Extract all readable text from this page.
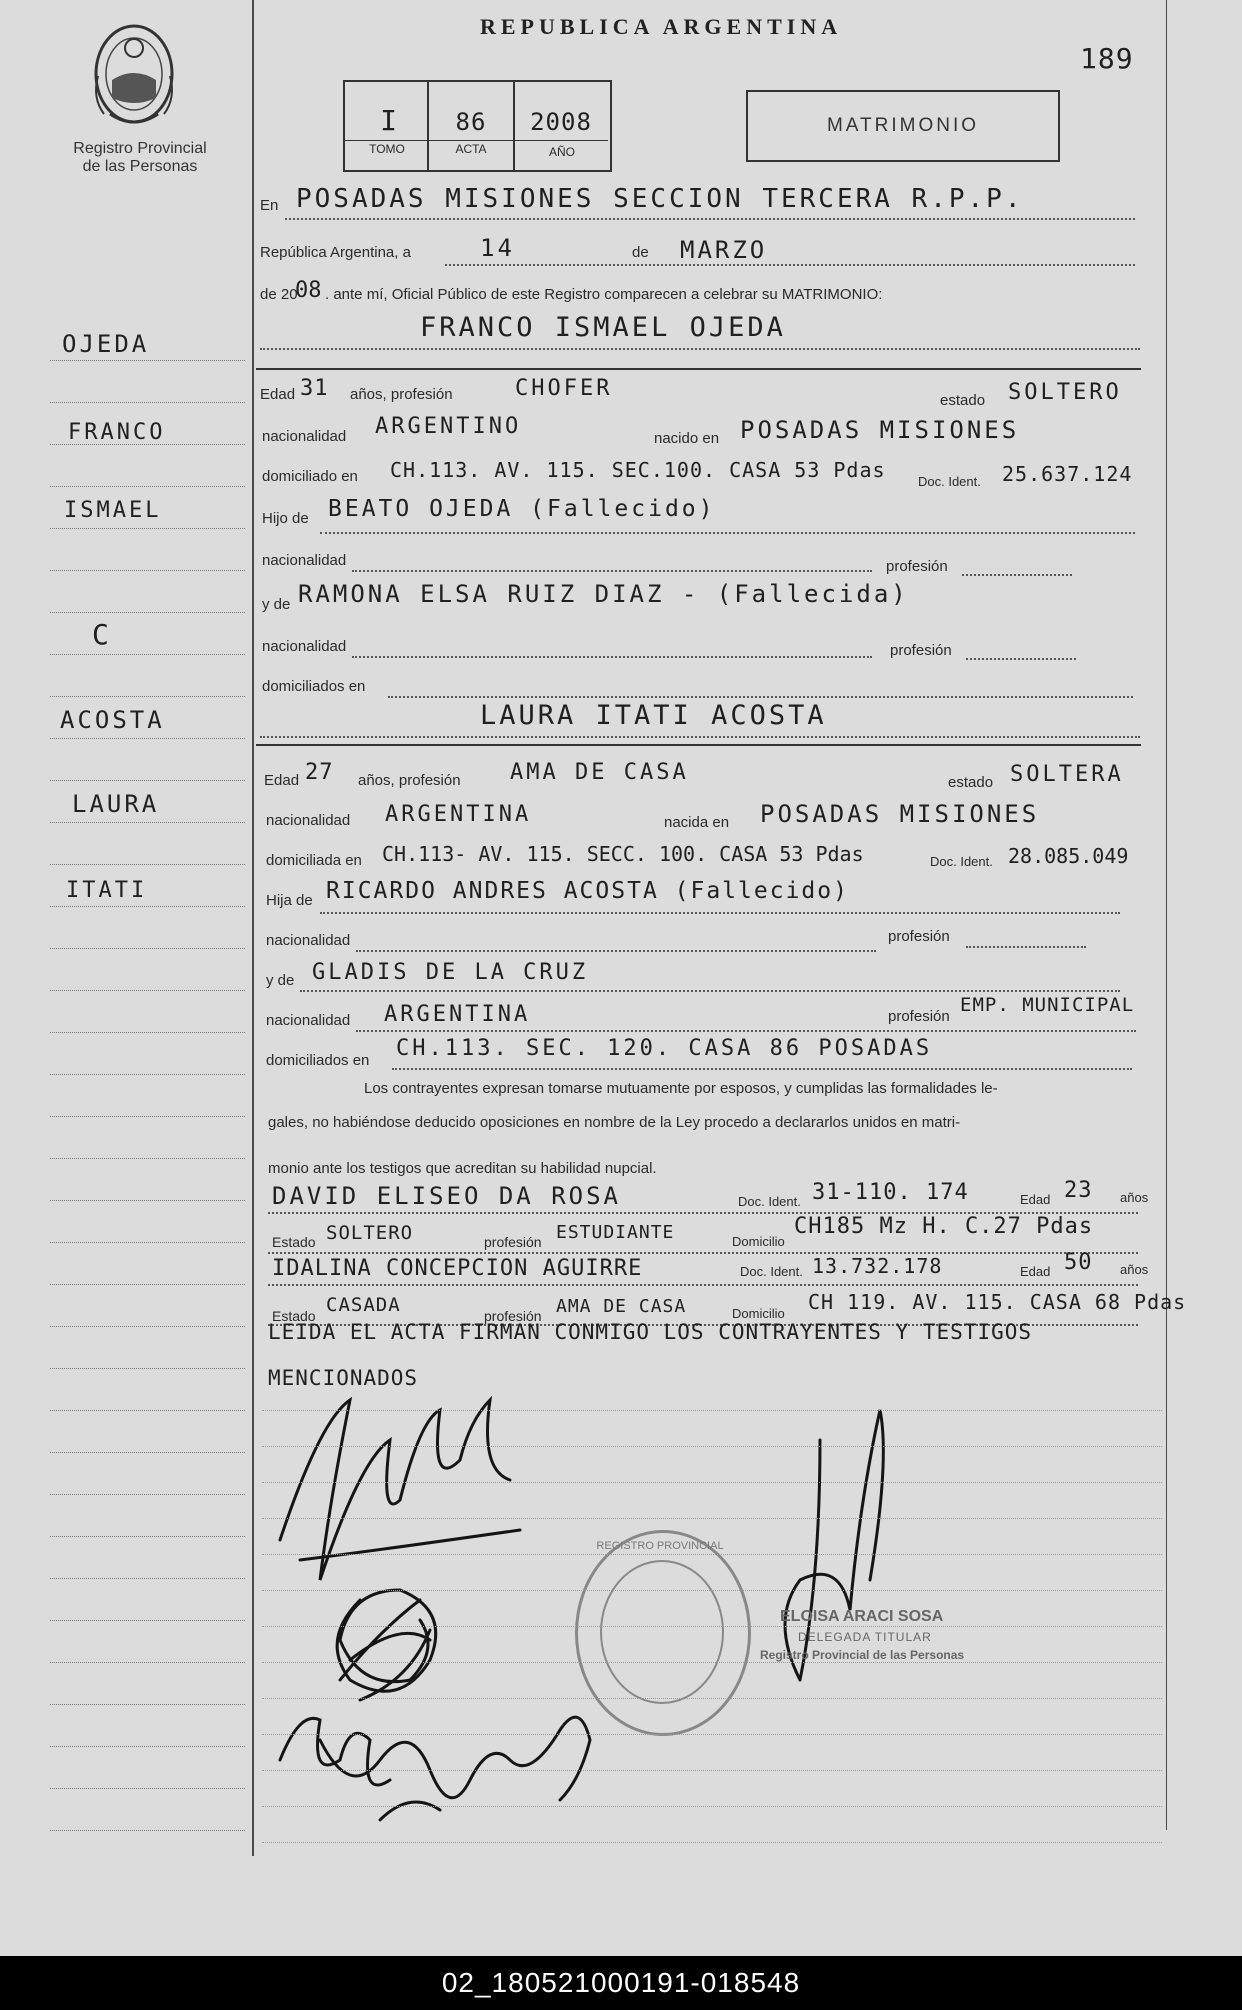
Registro Provincial
de las Personas
REPUBLICA ARGENTINA
189
I	86	2008
TOMO	ACTA	AÑO
MATRIMONIO
En POSADAS MISIONES SECCION TERCERA R.P.P.
República Argentina, a	14	de MARZO
de 20
08 . ante mí, Oficial Público de este Registro comparecen a celebrar su MATRIMONIO:
FRANCO ISMAEL OJEDA
Edad 31 años, profesión	CHOFER	estado SOLTERO
nacionalidad ARGENTINO	nacido en POSADAS MISIONES
domiciliado en CH.113. AV. 115. SEC.100. CASA 53 Pdas Doc. Ident. 25.637.124
Hijo de BEATO OJEDA (Fallecido)
nacionalidad	profesión
y de RAMONA ELSA RUIZ DIAZ - (Fallecida)
nacionalidad	profesión
domiciliados en
LAURA ITATI ACOSTA
Edad 27 años, profesión AMA DE CASA	estado SOLTERA
nacionalidad ARGENTINA	nacida en POSADAS MISIONES
domiciliada en CH.113- AV. 115. SECC. 100. CASA 53 Pdas	Doc. Ident. 28.085.049
Hija de RICARDO ANDRES ACOSTA (Fallecido)
nacionalidad	profesión
y de GLADIS DE LA CRUZ
nacionalidad ARGENTINA	profesión
EMP. MUNICIPAL
domiciliados en CH.113. SEC. 120. CASA 86 POSADAS
Los contrayentes expresan tomarse mutuamente por esposos, y cumplidas las formalidades le-
gales, no habiéndose deducido oposiciones en nombre de la Ley procedo a declararlos unidos en matri-
monio ante los testigos que acreditan su habilidad nupcial.
DAVID ELISEO DA ROSA	Doc. Ident. 31-110. 174	Edad 23 años
Estado SOLTERO	profesión ESTUDIANTE	Domicilio
CH185 Mz H. C.27 Pdas
IDALINA CONCEPCION AGUIRRE	Doc. Ident. 13.732.178	Edad 50 años
Estado CASADA	profesión AMA DE CASA	Domicilio CH 119. AV. 115. CASA 68 Pdas
LEIDA EL ACTA FIRMAN CONMIGO LOS CONTRAYENTES Y TESTIGOS
MENCIONADOS
REGISTRO PROVINCIAL
ELOISA ARACI SOSA
DELEGADA TITULAR
Registro Provincial de las Personas
OJEDA
FRANCO
ISMAEL
C
ACOSTA
LAURA
ITATI
02_180521000191-018548
